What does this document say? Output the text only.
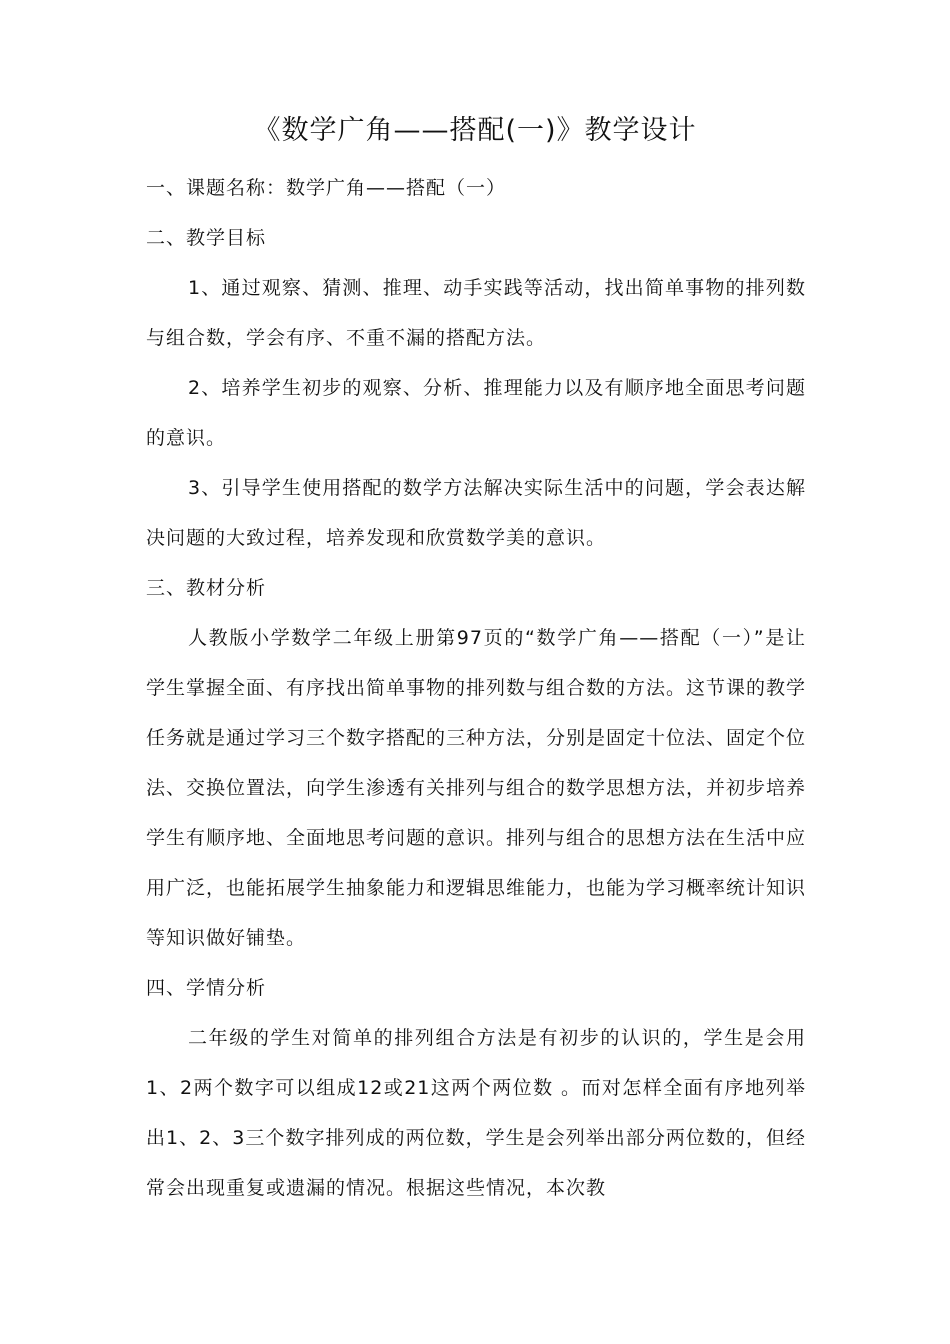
《数学广角——搭配(一)》教学设计

一、课题名称：数学广角——搭配（一）

二、教学目标

1、通过观察、猜测、推理、动手实践等活动，找出简单事物的排列数与组合数，学会有序、不重不漏的搭配方法。

2、培养学生初步的观察、分析、推理能力以及有顺序地全面思考问题的意识。

3、引导学生使用搭配的数学方法解决实际生活中的问题，学会表达解决问题的大致过程，培养发现和欣赏数学美的意识。

三、教材分析

人教版小学数学二年级上册第97页的“数学广角——搭配（一）”是让学生掌握全面、有序找出简单事物的排列数与组合数的方法。这节课的教学任务就是通过学习三个数字搭配的三种方法，分别是固定十位法、固定个位法、交换位置法，向学生渗透有关排列与组合的数学思想方法，并初步培养学生有顺序地、全面地思考问题的意识。排列与组合的思想方法在生活中应用广泛，也能拓展学生抽象能力和逻辑思维能力，也能为学习概率统计知识等知识做好铺垫。

四、学情分析

二年级的学生对简单的排列组合方法是有初步的认识的，学生是会用1、2两个数字可以组成12或21这两个两位数 。而对怎样全面有序地列举出1、2、3三个数字排列成的两位数，学生是会列举出部分两位数的，但经常会出现重复或遗漏的情况。根据这些情况，本次教
